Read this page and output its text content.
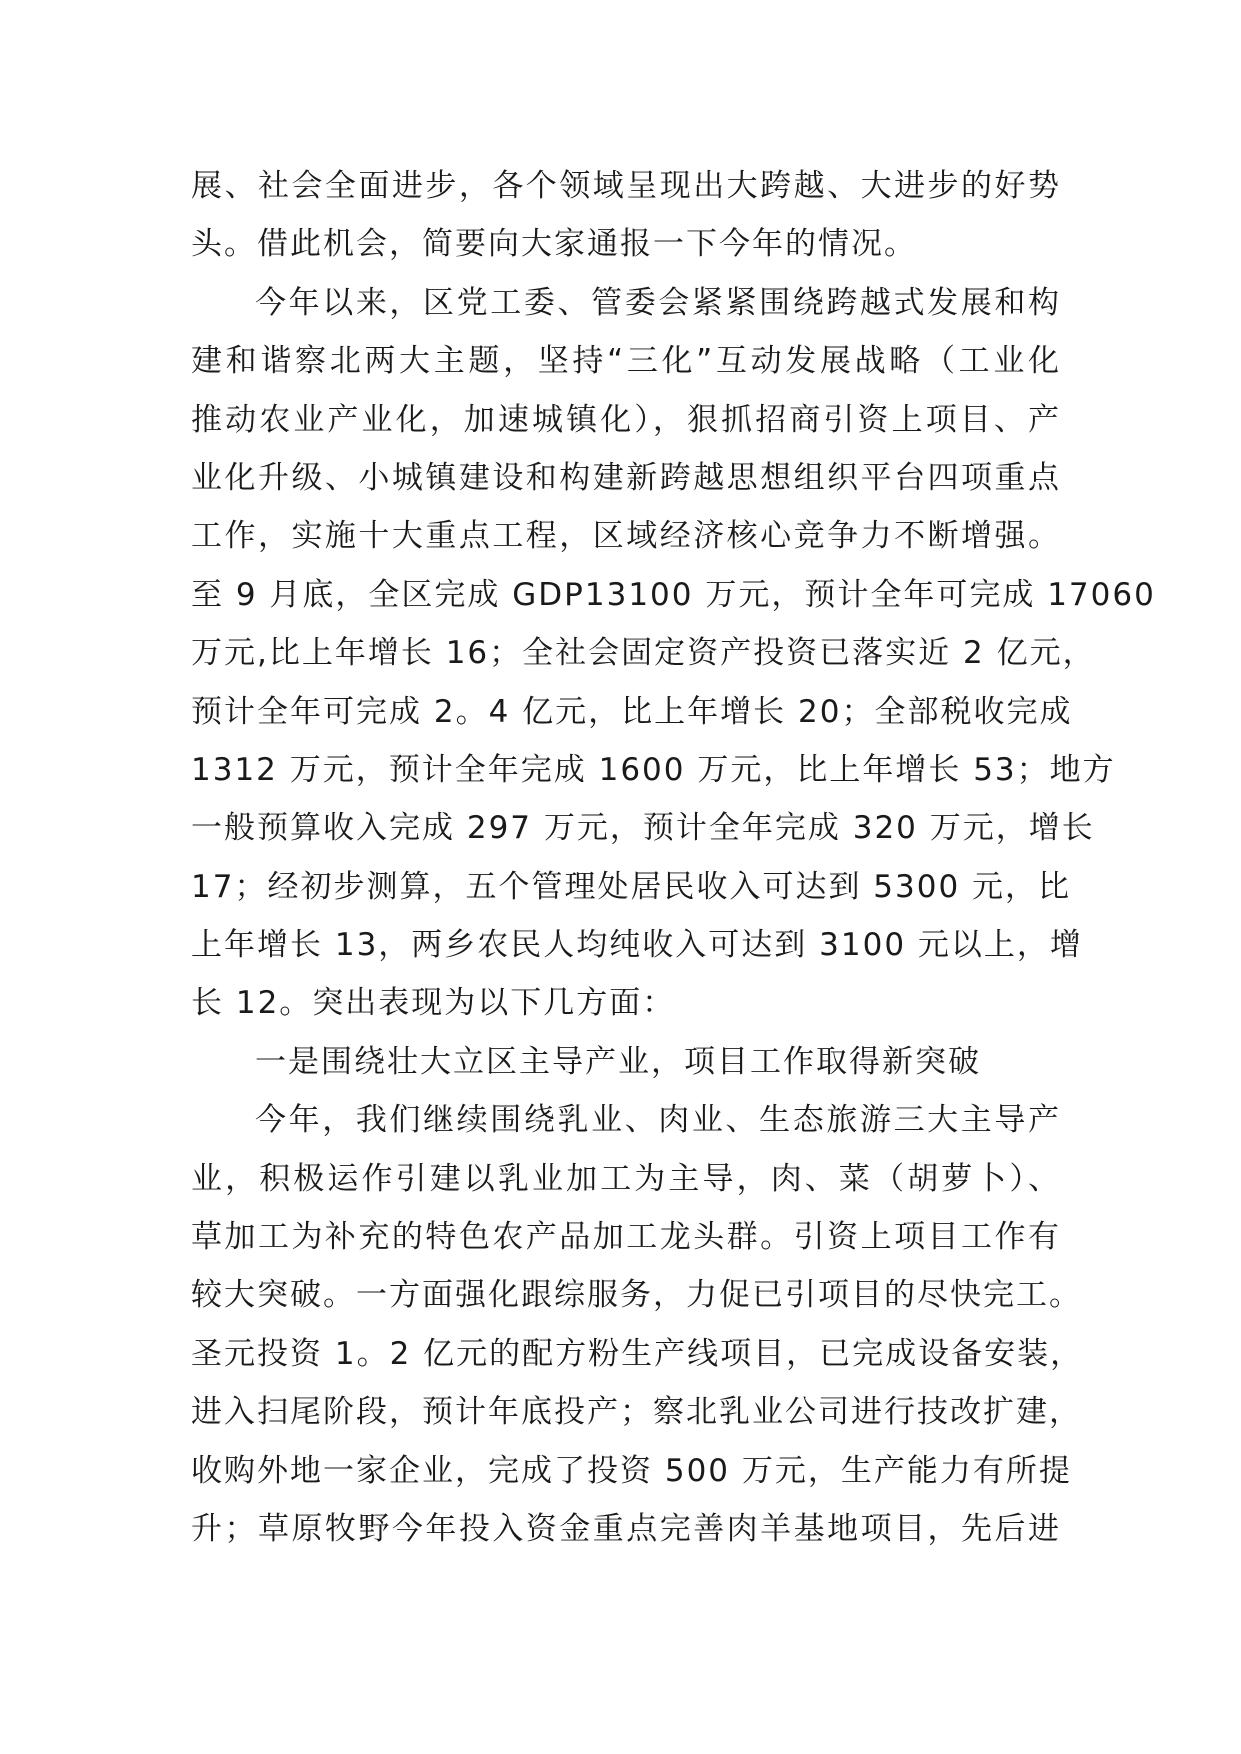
展、社会全面进步，各个领域呈现出大跨越、大进步的好势
头。借此机会，简要向大家通报一下今年的情况。
今年以来，区党工委、管委会紧紧围绕跨越式发展和构
建和谐察北两大主题，坚持“三化”互动发展战略（工业化
推动农业产业化，加速城镇化），狠抓招商引资上项目、产
业化升级、小城镇建设和构建新跨越思想组织平台四项重点
工作，实施十大重点工程，区域经济核心竞争力不断增强。
至 9 月底，全区完成 GDP13100 万元，预计全年可完成 17060
万元,比上年增长 16；全社会固定资产投资已落实近 2 亿元，
预计全年可完成 2。4 亿元，比上年增长 20；全部税收完成
1312 万元，预计全年完成 1600 万元，比上年增长 53；地方
一般预算收入完成 297 万元，预计全年完成 320 万元，增长
17；经初步测算，五个管理处居民收入可达到 5300 元，比
上年增长 13，两乡农民人均纯收入可达到 3100 元以上，增
长 12。突出表现为以下几方面：
一是围绕壮大立区主导产业，项目工作取得新突破
今年，我们继续围绕乳业、肉业、生态旅游三大主导产
业，积极运作引建以乳业加工为主导，肉、菜（胡萝卜）、
草加工为补充的特色农产品加工龙头群。引资上项目工作有
较大突破。一方面强化跟综服务，力促已引项目的尽快完工。
圣元投资 1。2 亿元的配方粉生产线项目，已完成设备安装，
进入扫尾阶段，预计年底投产；察北乳业公司进行技改扩建，
收购外地一家企业，完成了投资 500 万元，生产能力有所提
升；草原牧野今年投入资金重点完善肉羊基地项目，先后进
